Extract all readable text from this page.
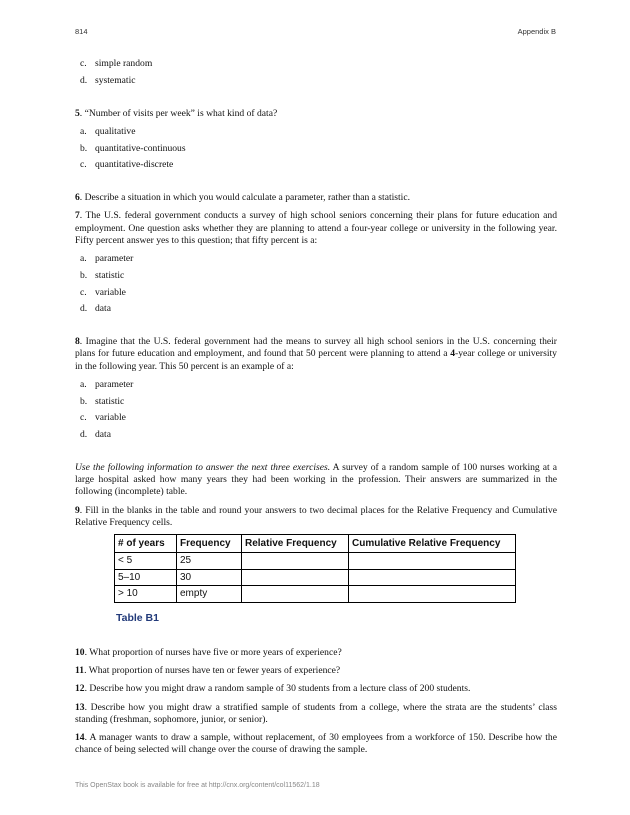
814	Appendix B
c. simple random
d. systematic

5. “Number of visits per week” is what kind of data?

a. qualitative
b. quantitative-continuous
c. quantitative-discrete

6. Describe a situation in which you would calculate a parameter, rather than a statistic.

7. The U.S. federal government conducts a survey of high school seniors concerning their plans for future education and employment. One question asks whether they are planning to attend a four-year college or university in the following year. Fifty percent answer yes to this question; that fifty percent is a:

a. parameter
b. statistic
c. variable
d. data

8. Imagine that the U.S. federal government had the means to survey all high school seniors in the U.S. concerning their plans for future education and employment, and found that 50 percent were planning to attend a 4-year college or university in the following year. This 50 percent is an example of a:

a. parameter
b. statistic
c. variable
d. data

Use the following information to answer the next three exercises. A survey of a random sample of 100 nurses working at a large hospital asked how many years they had been working in the profession. Their answers are summarized in the following (incomplete) table.

9. Fill in the blanks in the table and round your answers to two decimal places for the Relative Frequency and Cumulative Relative Frequency cells.

# of years	Frequency	Relative Frequency	Cumulative Relative Frequency
< 5	25		
5–10	30		
> 10	empty		
Table B1

10. What proportion of nurses have five or more years of experience?

11. What proportion of nurses have ten or fewer years of experience?

12. Describe how you might draw a random sample of 30 students from a lecture class of 200 students.

13. Describe how you might draw a stratified sample of students from a college, where the strata are the students’ class standing (freshman, sophomore, junior, or senior).

14. A manager wants to draw a sample, without replacement, of 30 employees from a workforce of 150. Describe how the chance of being selected will change over the course of drawing the sample.

This OpenStax book is available for free at http://cnx.org/content/col11562/1.18
